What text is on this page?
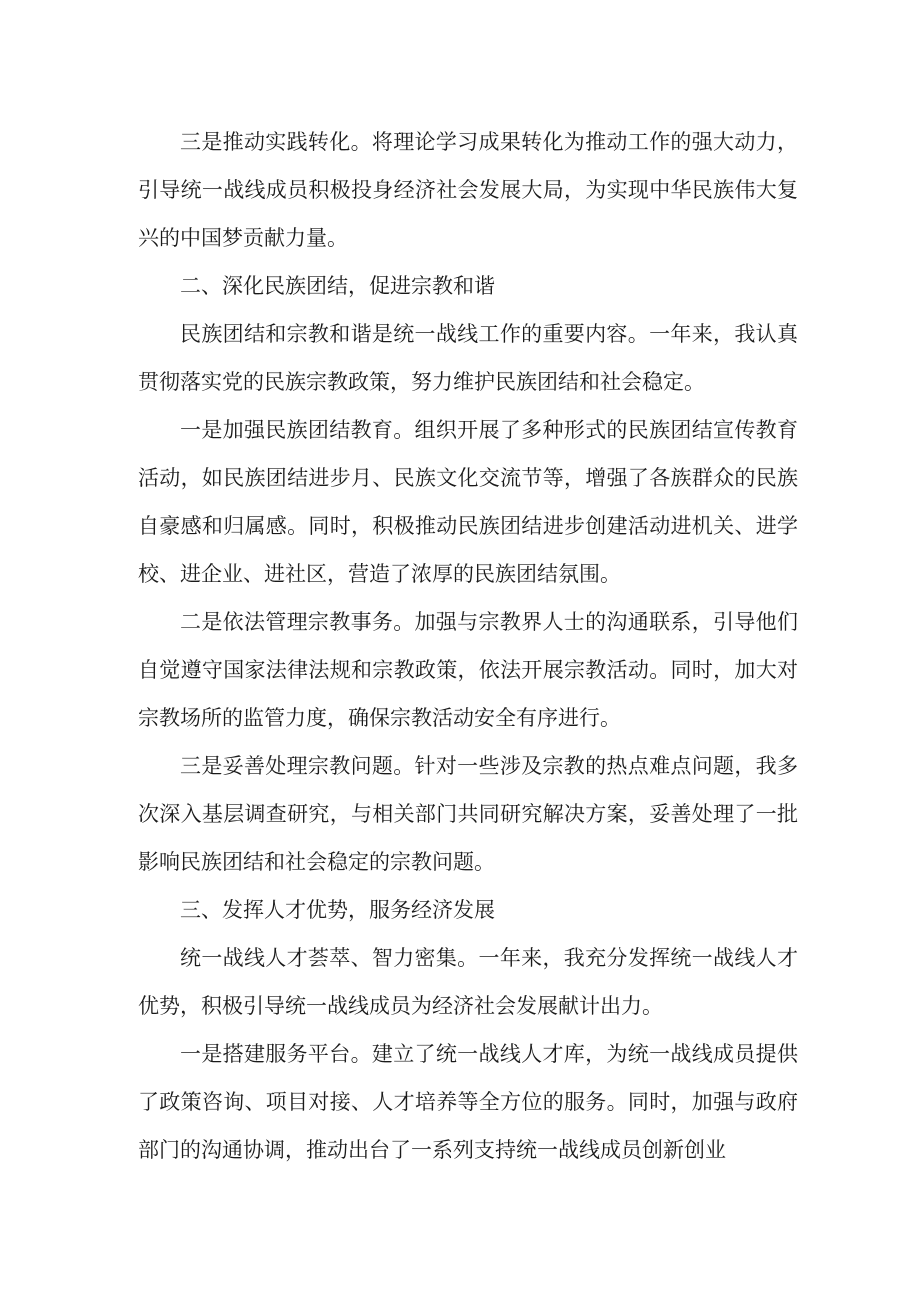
三是推动实践转化。将理论学习成果转化为推动工作的强大动力，引导统一战线成员积极投身经济社会发展大局，为实现中华民族伟大复兴的中国梦贡献力量。

二、深化民族团结，促进宗教和谐

民族团结和宗教和谐是统一战线工作的重要内容。一年来，我认真贯彻落实党的民族宗教政策，努力维护民族团结和社会稳定。

一是加强民族团结教育。组织开展了多种形式的民族团结宣传教育活动，如民族团结进步月、民族文化交流节等，增强了各族群众的民族自豪感和归属感。同时，积极推动民族团结进步创建活动进机关、进学校、进企业、进社区，营造了浓厚的民族团结氛围。

二是依法管理宗教事务。加强与宗教界人士的沟通联系，引导他们自觉遵守国家法律法规和宗教政策，依法开展宗教活动。同时，加大对宗教场所的监管力度，确保宗教活动安全有序进行。

三是妥善处理宗教问题。针对一些涉及宗教的热点难点问题，我多次深入基层调查研究，与相关部门共同研究解决方案，妥善处理了一批影响民族团结和社会稳定的宗教问题。

三、发挥人才优势，服务经济发展

统一战线人才荟萃、智力密集。一年来，我充分发挥统一战线人才优势，积极引导统一战线成员为经济社会发展献计出力。

一是搭建服务平台。建立了统一战线人才库，为统一战线成员提供了政策咨询、项目对接、人才培养等全方位的服务。同时，加强与政府部门的沟通协调，推动出台了一系列支持统一战线成员创新创业
